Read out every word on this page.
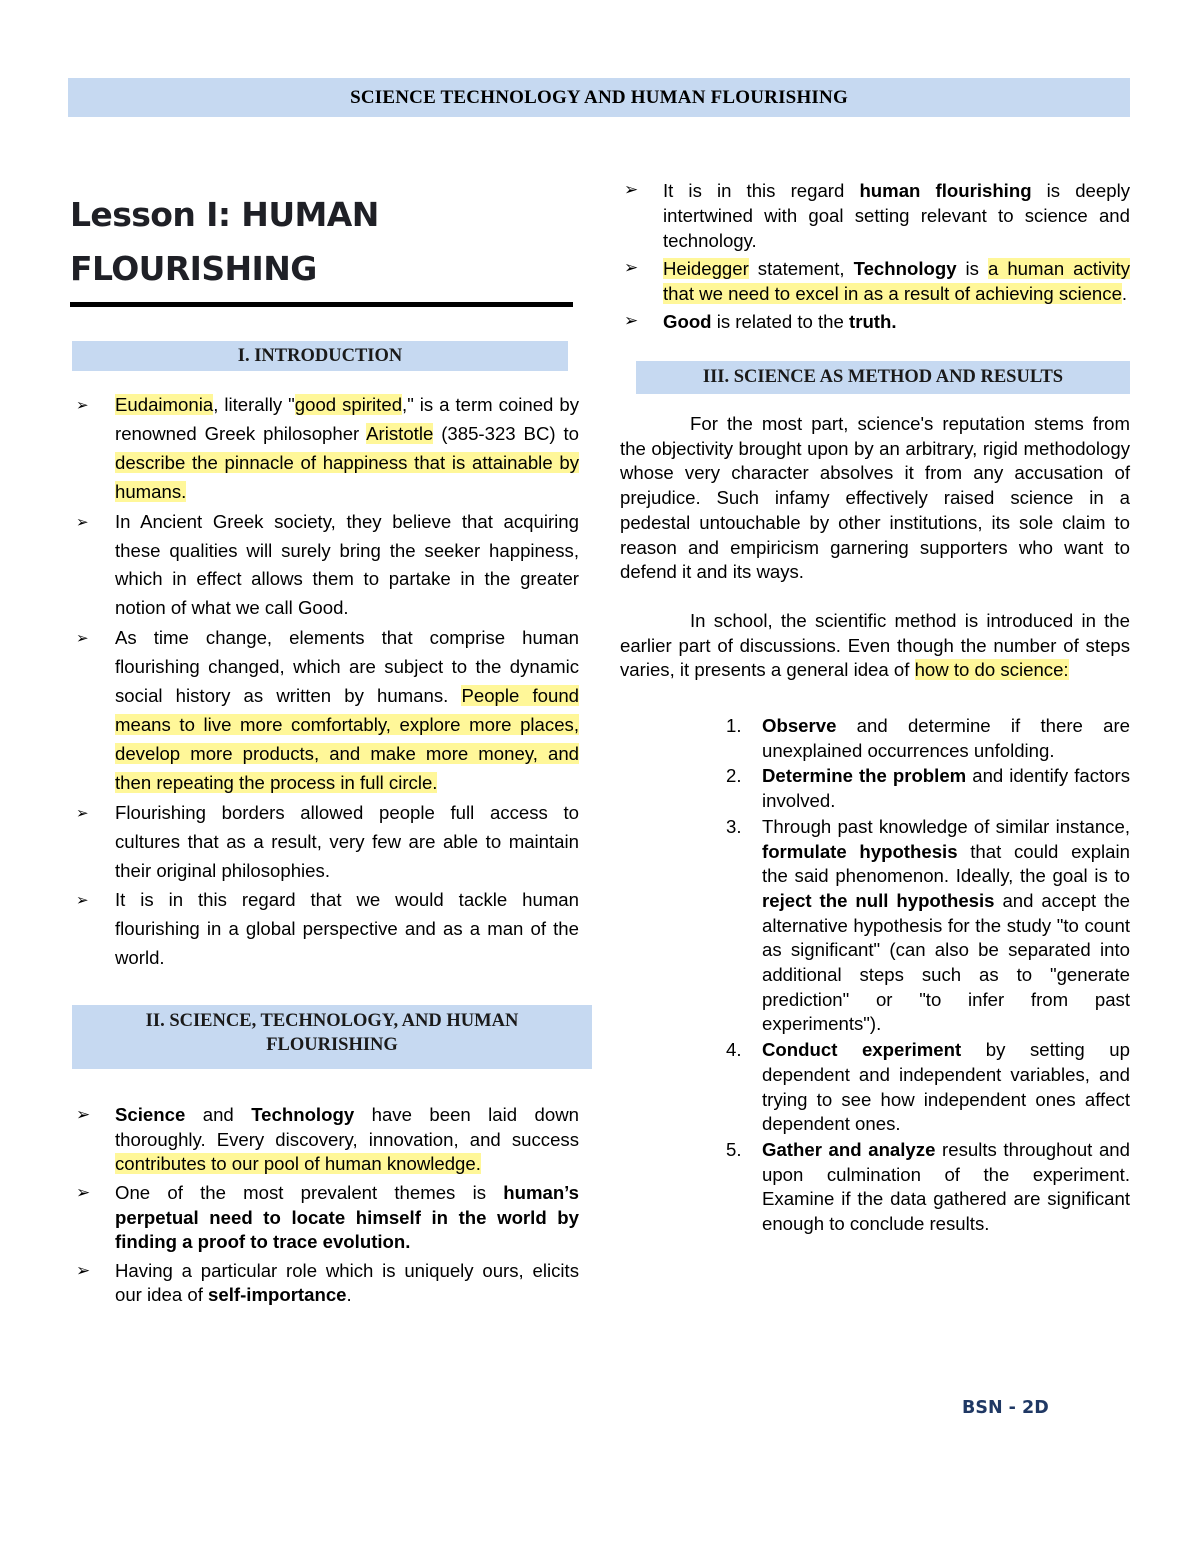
SCIENCE TECHNOLOGY AND HUMAN FLOURISHING
Lesson I: HUMAN
FLOURISHING
I. INTRODUCTION
➢ Eudaimonia, literally "good spirited," is a term coined by renowned Greek philosopher Aristotle (385-323 BC) to describe the pinnacle of happiness that is attainable by humans.
➢ In Ancient Greek society, they believe that acquiring these qualities will surely bring the seeker happiness, which in effect allows them to partake in the greater notion of what we call Good.
➢ As time change, elements that comprise human flourishing changed, which are subject to the dynamic social history as written by humans. People found means to live more comfortably, explore more places, develop more products, and make more money, and then repeating the process in full circle.
➢ Flourishing borders allowed people full access to cultures that as a result, very few are able to maintain their original philosophies.
➢ It is in this regard that we would tackle human flourishing in a global perspective and as a man of the world.
II. SCIENCE, TECHNOLOGY, AND HUMAN
FLOURISHING
➢ Science and Technology have been laid down thoroughly. Every discovery, innovation, and success contributes to our pool of human knowledge.
➢ One of the most prevalent themes is human’s perpetual need to locate himself in the world by finding a proof to trace evolution.
➢ Having a particular role which is uniquely ours, elicits our idea of self-importance.
➢ It is in this regard human flourishing is deeply intertwined with goal setting relevant to science and technology.
➢ Heidegger statement, Technology is a human activity that we need to excel in as a result of achieving science.
➢ Good is related to the truth.
III. SCIENCE AS METHOD AND RESULTS

For the most part, science's reputation stems from the objectivity brought upon by an arbitrary, rigid methodology whose very character absolves it from any accusation of prejudice. Such infamy effectively raised science in a pedestal untouchable by other institutions, its sole claim to reason and empiricism garnering supporters who want to defend it and its ways.

In school, the scientific method is introduced in the earlier part of discussions. Even though the number of steps varies, it presents a general idea of how to do science:

1. Observe and determine if there are unexplained occurrences unfolding.
2. Determine the problem and identify factors involved.
3. Through past knowledge of similar instance, formulate hypothesis that could explain the said phenomenon. Ideally, the goal is to reject the null hypothesis and accept the alternative hypothesis for the study "to count as significant" (can also be separated into additional steps such as to "generate prediction" or "to infer from past experiments").
4. Conduct experiment by setting up dependent and independent variables, and trying to see how independent ones affect dependent ones.
5. Gather and analyze results throughout and upon culmination of the experiment. Examine if the data gathered are significant enough to conclude results.
BSN - 2D
